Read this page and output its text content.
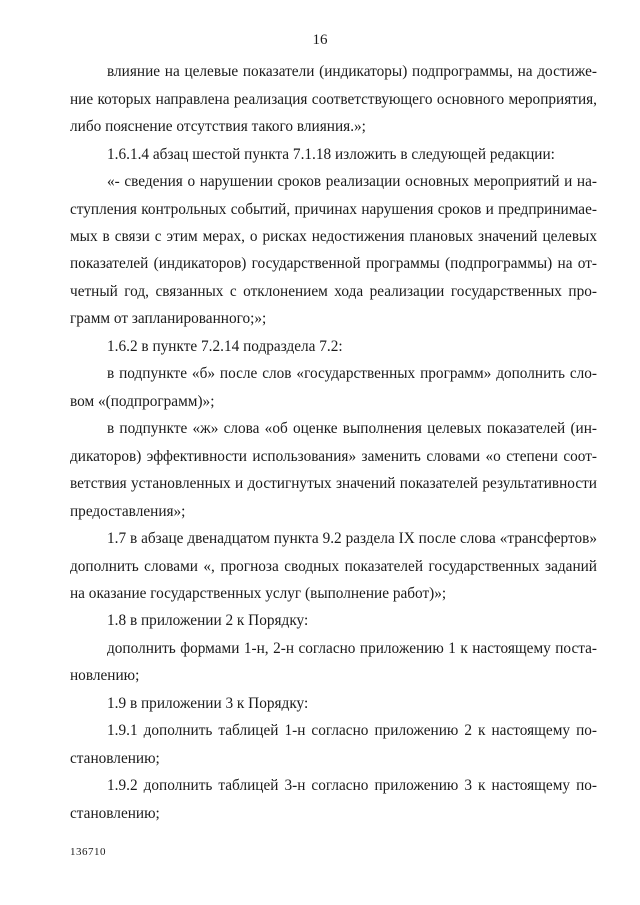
16
влияние на целевые показатели (индикаторы) подпрограммы, на достиже-
ние которых направлена реализация соответствующего основного мероприятия,
либо пояснение отсутствия такого влияния.»;
1.6.1.4 абзац шестой пункта 7.1.18 изложить в следующей редакции:
«- сведения о нарушении сроков реализации основных мероприятий и на-
ступления контрольных событий, причинах нарушения сроков и предпринимае-
мых в связи с этим мерах, о рисках недостижения плановых значений целевых
показателей (индикаторов) государственной программы (подпрограммы) на от-
четный год, связанных с отклонением хода реализации государственных про-
грамм от запланированного;»;
1.6.2 в пункте 7.2.14 подраздела 7.2:
в подпункте «б» после слов «государственных программ» дополнить сло-
вом «(подпрограмм)»;
в подпункте «ж» слова «об оценке выполнения целевых показателей (ин-
дикаторов) эффективности использования» заменить словами «о степени соот-
ветствия установленных и достигнутых значений показателей результативности
предоставления»;
1.7 в абзаце двенадцатом пункта 9.2 раздела IX после слова «трансфертов»
дополнить словами «, прогноза сводных показателей государственных заданий
на оказание государственных услуг (выполнение работ)»;
1.8 в приложении 2 к Порядку:
дополнить формами 1-н, 2-н согласно приложению 1 к настоящему поста-
новлению;
1.9 в приложении 3 к Порядку:
1.9.1 дополнить таблицей 1-н согласно приложению 2 к настоящему по-
становлению;
1.9.2 дополнить таблицей 3-н согласно приложению 3 к настоящему по-
становлению;
136710
